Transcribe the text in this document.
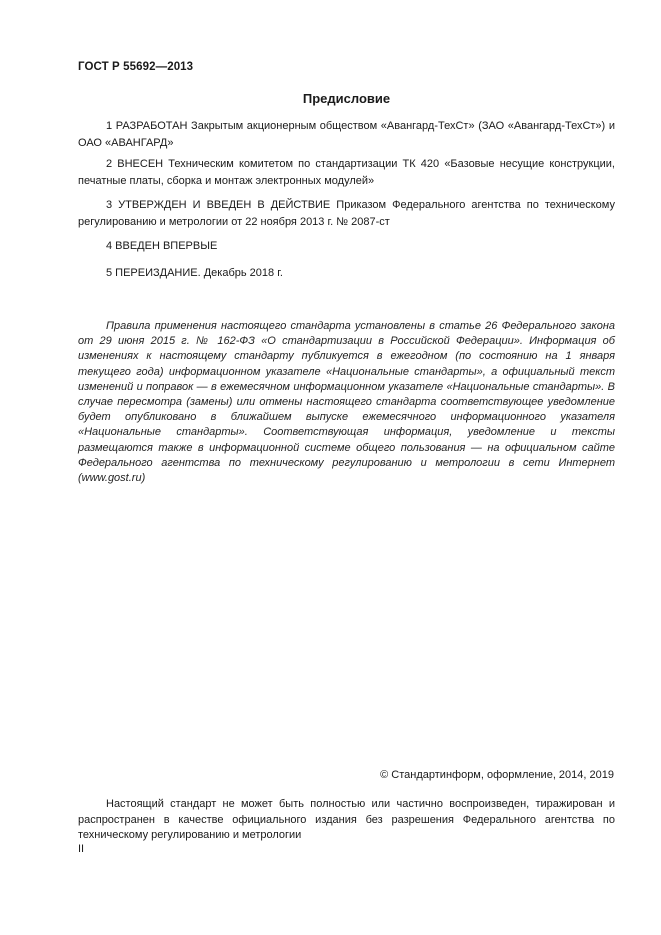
ГОСТ Р 55692—2013
Предисловие

1 РАЗРАБОТАН Закрытым акционерным обществом «Авангард-ТехСт» (ЗАО «Авангард-ТехСт») и ОАО «АВАНГАРД»

2 ВНЕСЕН Техническим комитетом по стандартизации ТК 420 «Базовые несущие конструкции, печатные платы, сборка и монтаж электронных модулей»

3 УТВЕРЖДЕН И ВВЕДЕН В ДЕЙСТВИЕ Приказом Федерального агентства по техническому регулированию и метрологии от 22 ноября 2013 г. № 2087-ст

4 ВВЕДЕН ВПЕРВЫЕ

5 ПЕРЕИЗДАНИЕ. Декабрь 2018 г.

Правила применения настоящего стандарта установлены в статье 26 Федерального закона от 29 июня 2015 г. № 162-ФЗ «О стандартизации в Российской Федерации». Информация об изменениях к настоящему стандарту публикуется в ежегодном (по состоянию на 1 января текущего года) информационном указателе «Национальные стандарты», а официальный текст изменений и поправок — в ежемесячном информационном указателе «Национальные стандарты». В случае пересмотра (замены) или отмены настоящего стандарта соответствующее уведомление будет опубликовано в ближайшем выпуске ежемесячного информационного указателя «Национальные стандарты». Соответствующая информация, уведомление и тексты размещаются также в информационной системе общего пользования — на официальном сайте Федерального агентства по техническому регулированию и метрологии в сети Интернет (www.gost.ru)

© Стандартинформ, оформление, 2014, 2019

Настоящий стандарт не может быть полностью или частично воспроизведен, тиражирован и распространен в качестве официального издания без разрешения Федерального агентства по техническому регулированию и метрологии

II
